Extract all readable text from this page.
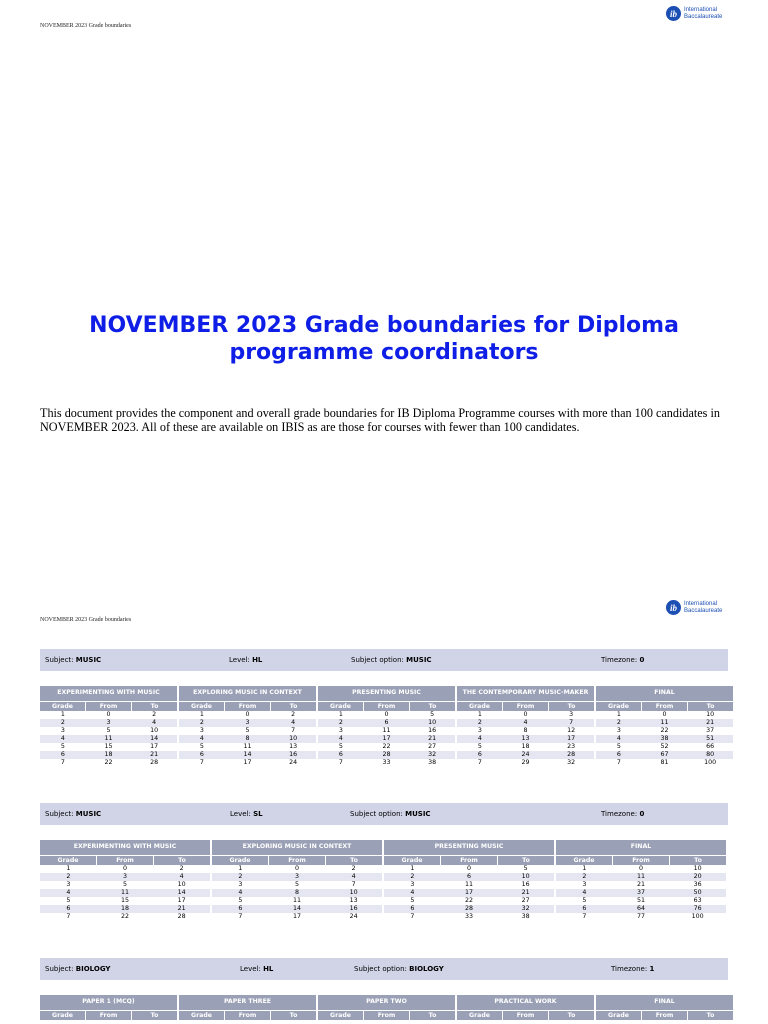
NOVEMBER 2023 Grade boundaries
ib	International
Baccalaureate
NOVEMBER 2023 Grade boundaries for Diploma
programme coordinators

This document provides the component and overall grade boundaries for IB Diploma Programme courses with more than 100 candidates in NOVEMBER 2023. All of these are available on IBIS as are those for courses with fewer than 100 candidates.

NOVEMBER 2023 Grade boundaries
ib	International
Baccalaureate
Subject: MUSIC	Level: HL	Subject option: MUSIC	Timezone: 0
EXPERIMENTING WITH MUSIC
Grade	From	To
1	0	2
2	3	4
3	5	10
4	11	14
5	15	17
6	18	21
7	22	28
EXPLORING MUSIC IN CONTEXT
Grade	From	To
1	0	2
2	3	4
3	5	7
4	8	10
5	11	13
6	14	16
7	17	24
PRESENTING MUSIC
Grade	From	To
1	0	5
2	6	10
3	11	16
4	17	21
5	22	27
6	28	32
7	33	38
THE CONTEMPORARY MUSIC-MAKER
Grade	From	To
1	0	3
2	4	7
3	8	12
4	13	17
5	18	23
6	24	28
7	29	32
FINAL
Grade	From	To
1	0	10
2	11	21
3	22	37
4	38	51
5	52	66
6	67	80
7	81	100
Subject: MUSIC	Level: SL	Subject option: MUSIC	Timezone: 0
EXPERIMENTING WITH MUSIC
Grade	From	To
1	0	2
2	3	4
3	5	10
4	11	14
5	15	17
6	18	21
7	22	28
EXPLORING MUSIC IN CONTEXT
Grade	From	To
1	0	2
2	3	4
3	5	7
4	8	10
5	11	13
6	14	16
7	17	24
PRESENTING MUSIC
Grade	From	To
1	0	5
2	6	10
3	11	16
4	17	21
5	22	27
6	28	32
7	33	38
FINAL
Grade	From	To
1	0	10
2	11	20
3	21	36
4	37	50
5	51	63
6	64	76
7	77	100
Subject: BIOLOGY	Level: HL	Subject option: BIOLOGY	Timezone: 1
PAPER 1 (MCQ)
Grade	From	To
PAPER THREE
Grade	From	To
PAPER TWO
Grade	From	To
PRACTICAL WORK
Grade	From	To
FINAL
Grade	From	To
